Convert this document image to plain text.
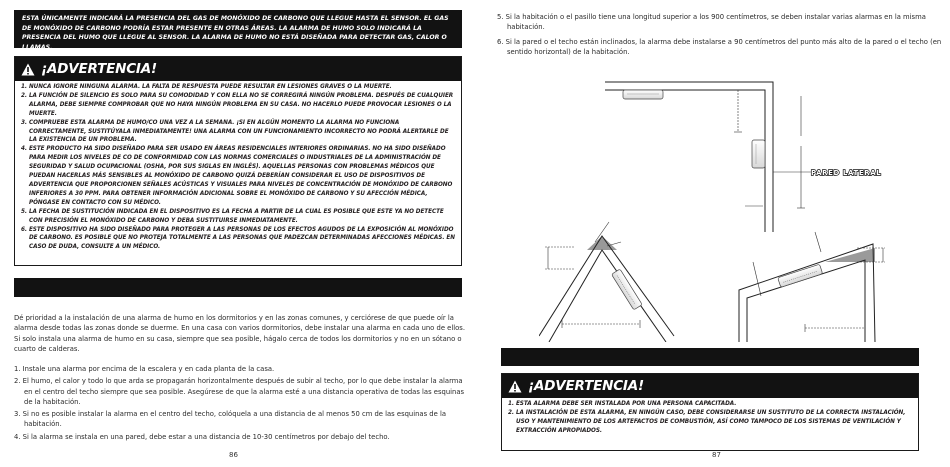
ESTA ÚNICAMENTE INDICARÁ LA PRESENCIA DEL GAS DE MONÓXIDO DE CARBONO QUE LLEGUE HASTA EL SENSOR. EL GAS DE MONÓXIDO DE CARBONO PODRÍA ESTAR PRESENTE EN OTRAS ÁREAS. LA ALARMA DE HUMO SOLO INDICARÁ LA PRESENCIA DEL HUMO QUE LLEGUE AL SENSOR. LA ALARMA DE HUMO NO ESTÁ DISEÑADA PARA DETECTAR GAS, CALOR O LLAMAS.
¡ADVERTENCIA!
1. NUNCA IGNORE NINGUNA ALARMA. LA FALTA DE RESPUESTA PUEDE RESULTAR EN LESIONES GRAVES O LA MUERTE.
2. LA FUNCIÓN DE SILENCIO ES SOLO PARA SU COMODIDAD Y CON ELLA NO SE CORREGIRÁ NINGÚN PROBLEMA. DESPUÉS DE CUALQUIER ALARMA, DEBE SIEMPRE COMPROBAR QUE NO HAYA NINGÚN PROBLEMA EN SU CASA. NO HACERLO PUEDE PROVOCAR LESIONES O LA MUERTE.
3. COMPRUEBE ESTA ALARMA DE HUMO/CO UNA VEZ A LA SEMANA. ¡SI EN ALGÚN MOMENTO LA ALARMA NO FUNCIONA CORRECTAMENTE, SUSTITÚYALA INMEDIATAMENTE! UNA ALARMA CON UN FUNCIONAMIENTO INCORRECTO NO PODRÁ ALERTARLE DE LA EXISTENCIA DE UN PROBLEMA.
4. ESTE PRODUCTO HA SIDO DISEÑADO PARA SER USADO EN ÁREAS RESIDENCIALES INTERIORES ORDINARIAS. NO HA SIDO DISEÑADO PARA MEDIR LOS NIVELES DE CO DE CONFORMIDAD CON LAS NORMAS COMERCIALES O INDUSTRIALES DE LA ADMINISTRACIÓN DE SEGURIDAD Y SALUD OCUPACIONAL (OSHA, POR SUS SIGLAS EN INGLÉS). AQUELLAS PERSONAS CON PROBLEMAS MÉDICOS QUE PUEDAN HACERLAS MÁS SENSIBLES AL MONÓXIDO DE CARBONO QUIZÁ DEBERÍAN CONSIDERAR EL USO DE DISPOSITIVOS DE ADVERTENCIA QUE PROPORCIONEN SEÑALES ACÚSTICAS Y VISUALES PARA NIVELES DE CONCENTRACIÓN DE MONÓXIDO DE CARBONO INFERIORES A 30 PPM. PARA OBTENER INFORMACIÓN ADICIONAL SOBRE EL MONÓXIDO DE CARBONO Y SU AFECCIÓN MÉDICA, PÓNGASE EN CONTACTO CON SU MÉDICO.
5. LA FECHA DE SUSTITUCIÓN INDICADA EN EL DISPOSITIVO ES LA FECHA A PARTIR DE LA CUAL ES POSIBLE QUE ESTE YA NO DETECTE CON PRECISIÓN EL MONÓXIDO DE CARBONO Y DEBA SUSTITUIRSE INMEDIATAMENTE.
6. ESTE DISPOSITIVO HA SIDO DISEÑADO PARA PROTEGER A LAS PERSONAS DE LOS EFECTOS AGUDOS DE LA EXPOSICIÓN AL MONÓXIDO DE CARBONO. ES POSIBLE QUE NO PROTEJA TOTALMENTE A LAS PERSONAS QUE PADEZCAN DETERMINADAS AFECCIONES MÉDICAS. EN CASO DE DUDA, CONSULTE A UN MÉDICO.
Dé prioridad a la instalación de una alarma de humo en los dormitorios y en las zonas comunes, y cerciórese de que puede oír la alarma desde todas las zonas donde se duerme. En una casa con varios dormitorios, debe instalar una alarma en cada uno de ellos. Si solo instala una alarma de humo en su casa, siempre que sea posible, hágalo cerca de todos los dormitorios y no en un sótano o cuarto de calderas.
1. Instale una alarma por encima de la escalera y en cada planta de la casa.
2. El humo, el calor y todo lo que arda se propagarán horizontalmente después de subir al techo, por lo que debe instalar la alarma en el centro del techo siempre que sea posible. Asegúrese de que la alarma esté a una distancia operativa de todas las esquinas de la habitación.
3. Si no es posible instalar la alarma en el centro del techo, colóquela a una distancia de al menos 50 cm de las esquinas de la habitación.
4. Si la alarma se instala en una pared, debe estar a una distancia de 10-30 centímetros por debajo del techo.
86
5. Si la habitación o el pasillo tiene una longitud superior a los 900 centímetros, se deben instalar varias alarmas en la misma habitación.
6. Si la pared o el techo están inclinados, la alarma debe instalarse a 90 centímetros del punto más alto de la pared o el techo (en sentido horizontal) de la habitación.
PARED LATERAL
¡ADVERTENCIA!
1. ESTA ALARMA DEBE SER INSTALADA POR UNA PERSONA CAPACITADA.
2. LA INSTALACIÓN DE ESTA ALARMA, EN NINGÚN CASO, DEBE CONSIDERARSE UN SUSTITUTO DE LA CORRECTA INSTALACIÓN, USO Y MANTENIMIENTO DE LOS ARTEFACTOS DE COMBUSTIÓN, ASÍ COMO TAMPOCO DE LOS SISTEMAS DE VENTILACIÓN Y EXTRACCIÓN APROPIADOS.
87
